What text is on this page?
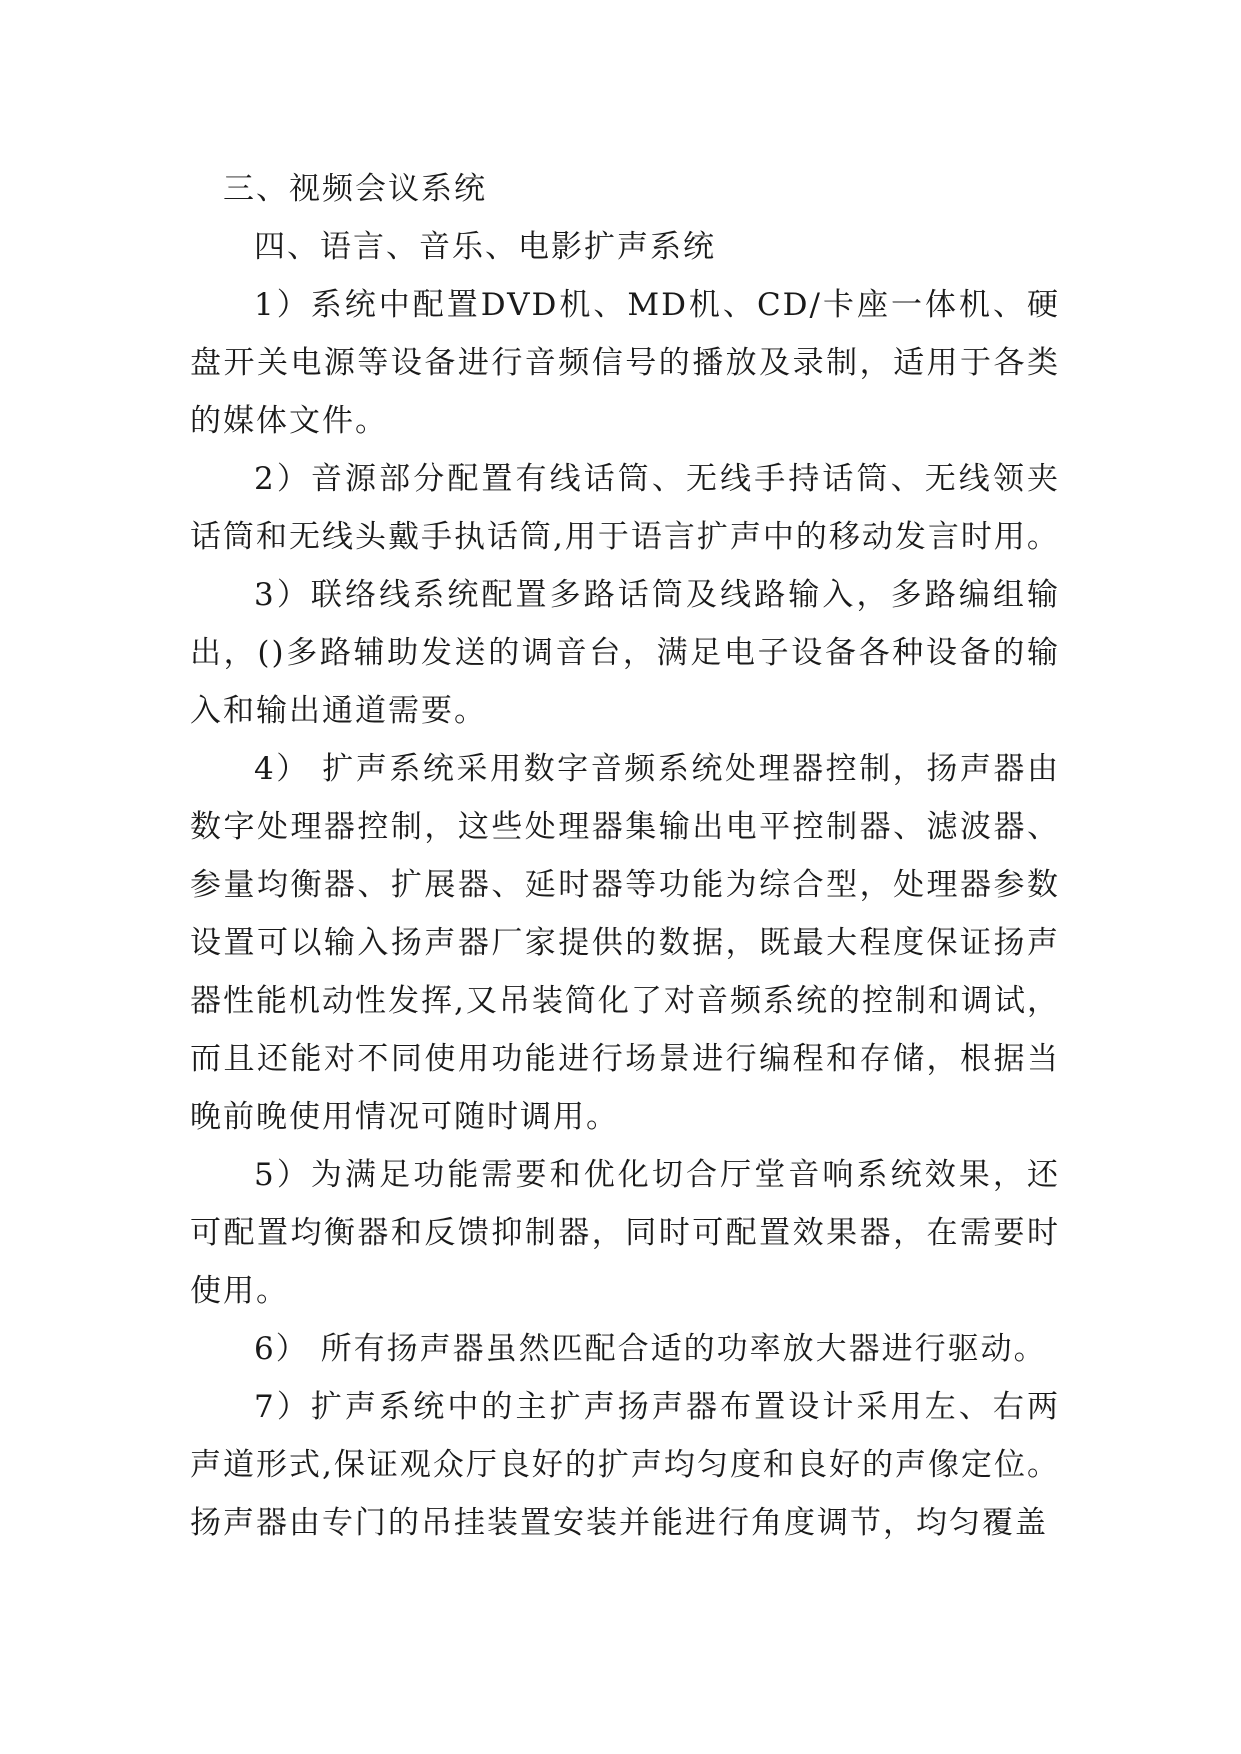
三、视频会议系统

四、语言、音乐、电影扩声系统

1）系统中配置DVD机、MD机、CD/卡座一体机、硬盘开关电源等设备进行音频信号的播放及录制，适用于各类的媒体文件。

2）音源部分配置有线话筒、无线手持话筒、无线领夹话筒和无线头戴手执话筒,用于语言扩声中的移动发言时用。

3）联络线系统配置多路话筒及线路输入，多路编组输出，()多路辅助发送的调音台，满足电子设备各种设备的输入和输出通道需要。

4） 扩声系统采用数字音频系统处理器控制，扬声器由数字处理器控制，这些处理器集输出电平控制器、滤波器、参量均衡器、扩展器、延时器等功能为综合型，处理器参数设置可以输入扬声器厂家提供的数据，既最大程度保证扬声器性能机动性发挥,又吊装简化了对音频系统的控制和调试，而且还能对不同使用功能进行场景进行编程和存储，根据当晚前晚使用情况可随时调用。

5）为满足功能需要和优化切合厅堂音响系统效果，还可配置均衡器和反馈抑制器，同时可配置效果器，在需要时使用。

6） 所有扬声器虽然匹配合适的功率放大器进行驱动。

7）扩声系统中的主扩声扬声器布置设计采用左、右两声道形式,保证观众厅良好的扩声均匀度和良好的声像定位。扬声器由专门的吊挂装置安装并能进行角度调节，均匀覆盖
